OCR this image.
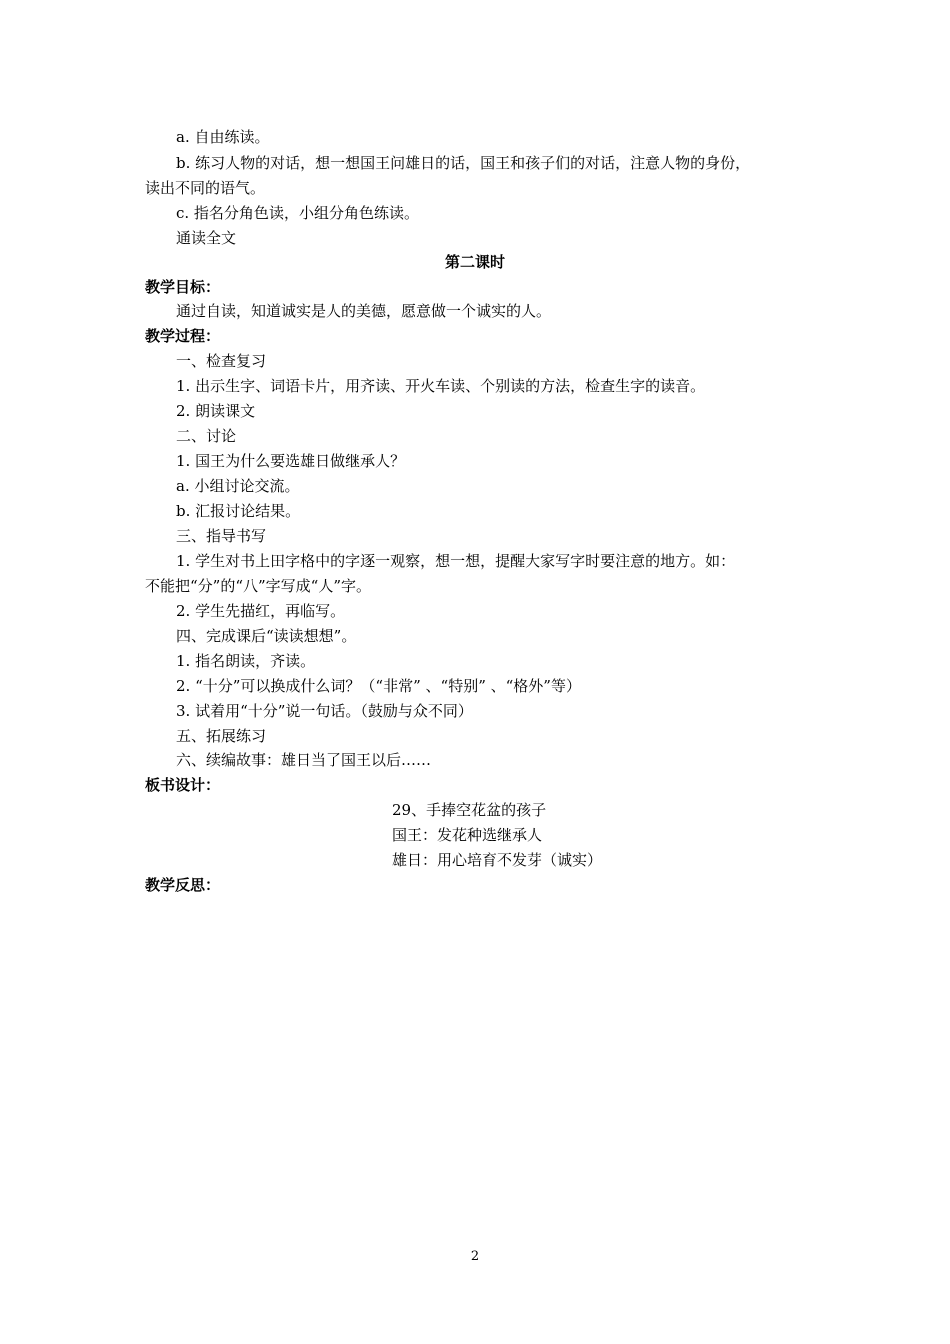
a. 自由练读。
b. 练习人物的对话，想一想国王问雄日的话，国王和孩子们的对话，注意人物的身份，
读出不同的语气。
c. 指名分角色读，小组分角色练读。
通读全文
第二课时
教学目标：
通过自读，知道诚实是人的美德，愿意做一个诚实的人。
教学过程：
一、检查复习
1. 出示生字、词语卡片，用齐读、开火车读、个别读的方法，检查生字的读音。
2. 朗读课文
二、讨论
1. 国王为什么要选雄日做继承人？
a. 小组讨论交流。
b. 汇报讨论结果。
三、指导书写
1. 学生对书上田字格中的字逐一观察，想一想，提醒大家写字时要注意的地方。如：
不能把“分”的“八”字写成“人”字。
2. 学生先描红，再临写。
四、完成课后“读读想想”。
1. 指名朗读，齐读。
2. “十分”可以换成什么词？（“非常” 、“特别” 、“格外”等）
3. 试着用“十分”说一句话。（鼓励与众不同）
五、拓展练习
六、续编故事：雄日当了国王以后……
板书设计：
29、手捧空花盆的孩子
国王：发花种选继承人
雄日：用心培育不发芽（诚实）
教学反思：
2
